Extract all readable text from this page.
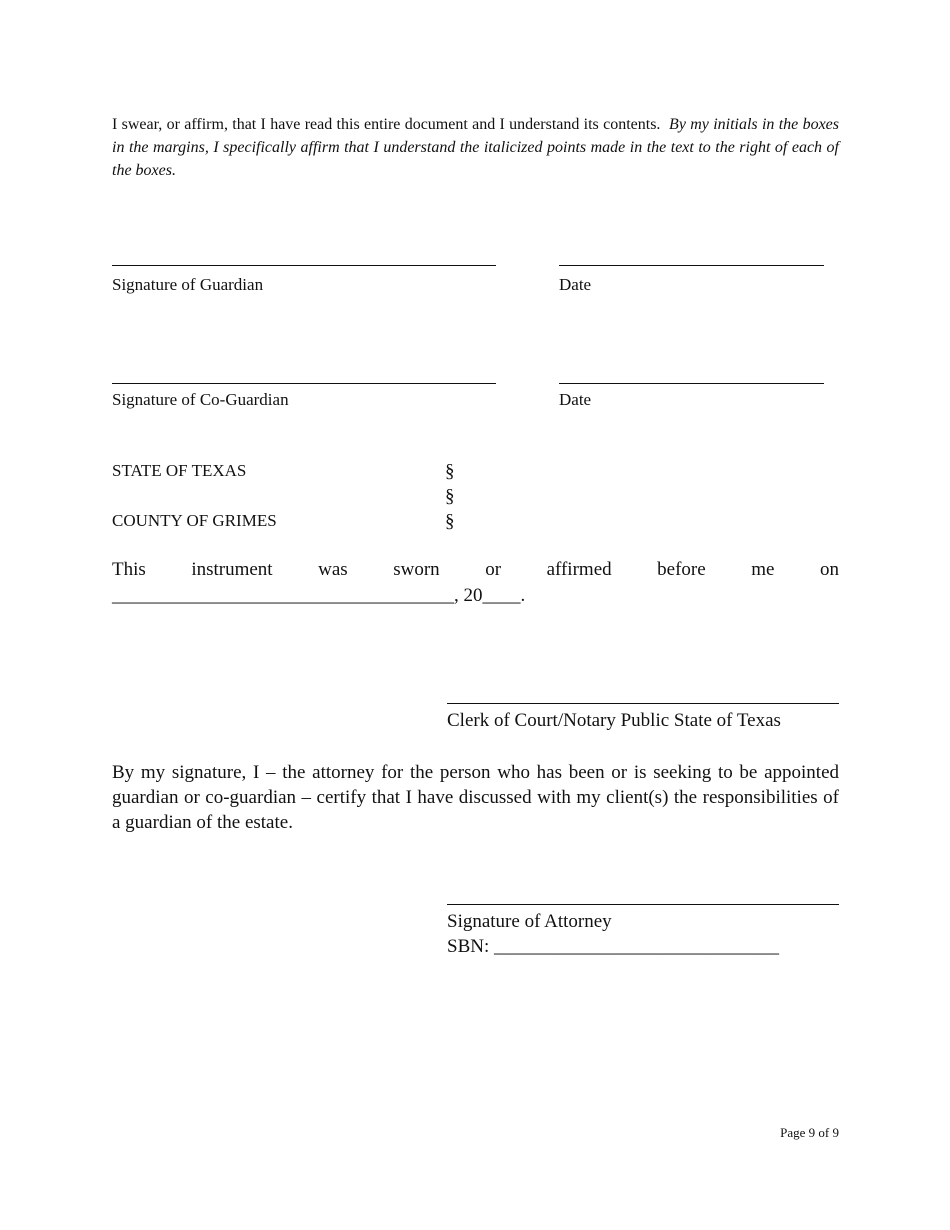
I swear, or affirm, that I have read this entire document and I understand its contents. By my initials in the boxes in the margins, I specifically affirm that I understand the italicized points made in the text to the right of each of the boxes.
Signature of Guardian	Date
Signature of Co-Guardian	Date
STATE OF TEXAS
COUNTY OF GRIMES
§
§
§
This instrument was sworn or affirmed before me on
____________________________________, 20____.
Clerk of Court/Notary Public State of Texas
By my signature, I – the attorney for the person who has been or is seeking to be appointed guardian or co-guardian – certify that I have discussed with my client(s) the responsibilities of a guardian of the estate.
Signature of Attorney
SBN: ______________________________
Page 9 of 9
